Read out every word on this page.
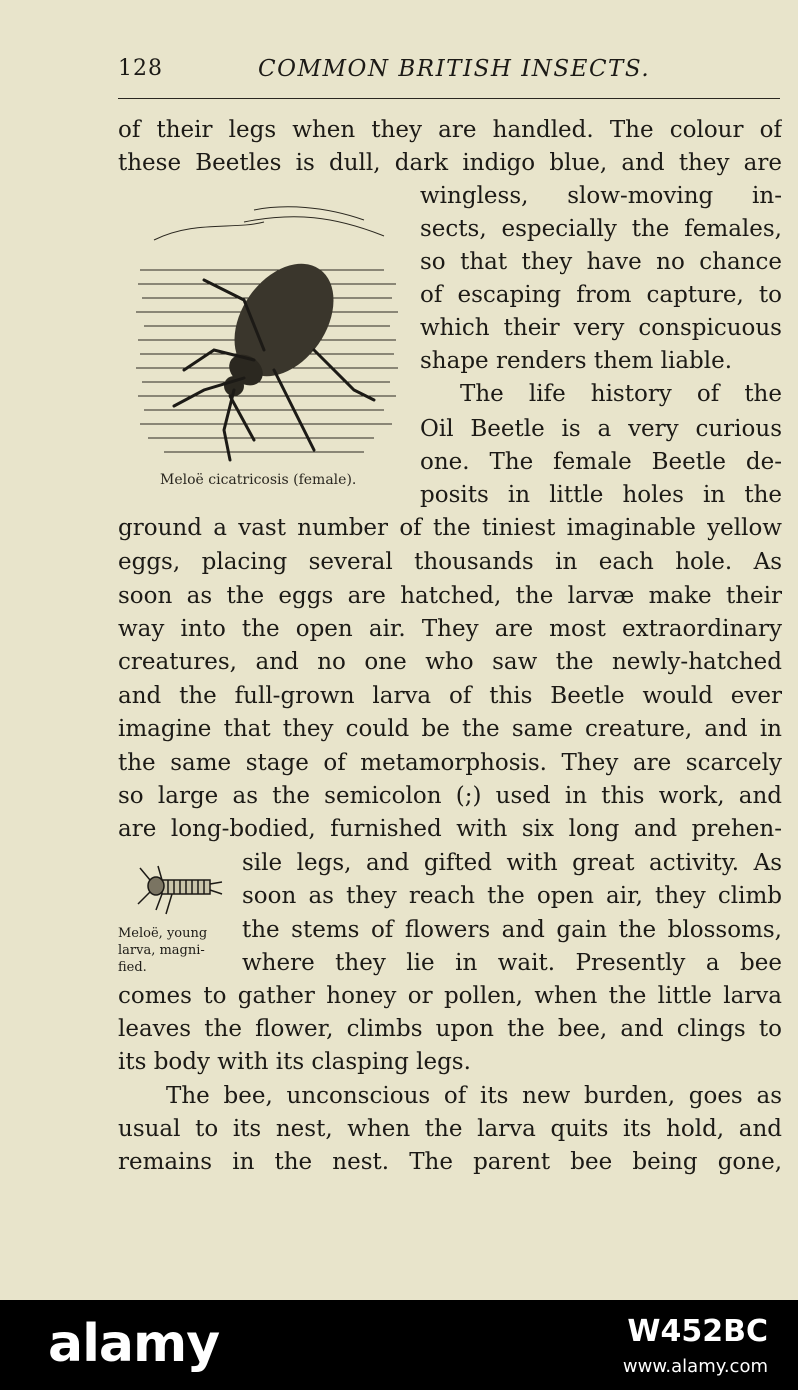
128	COMMON BRITISH INSECTS.
of their legs when they are handled. The colour of
these Beetles is dull, dark indigo blue, and they are
wingless, slow-moving in-
sects, especially the females,
so that they have no chance
of escaping from capture, to
which their very conspicuous
shape renders them liable.
The life history of the
Oil Beetle is a very curious
one. The female Beetle de-
posits in little holes in the
ground a vast number of the tiniest imaginable yellow
eggs, placing several thousands in each hole. As
soon as the eggs are hatched, the larvæ make their
way into the open air. They are most extraordinary
creatures, and no one who saw the newly-hatched
and the full-grown larva of this Beetle would ever
imagine that they could be the same creature, and in
the same stage of metamorphosis. They are scarcely
so large as the semicolon (;) used in this work, and
are long-bodied, furnished with six long and prehen-
sile legs, and gifted with great activity. As
soon as they reach the open air, they climb
the stems of flowers and gain the blossoms,
where they lie in wait. Presently a bee
comes to gather honey or pollen, when the little larva
leaves the flower, climbs upon the bee, and clings to
its body with its clasping legs.
The bee, unconscious of its new burden, goes as
usual to its nest, when the larva quits its hold, and
remains in the nest. The parent bee being gone,
Meloë cicatricosis (female).
Meloë, young
larva, magni-
fied.
alamy	W452BC
www.alamy.com
